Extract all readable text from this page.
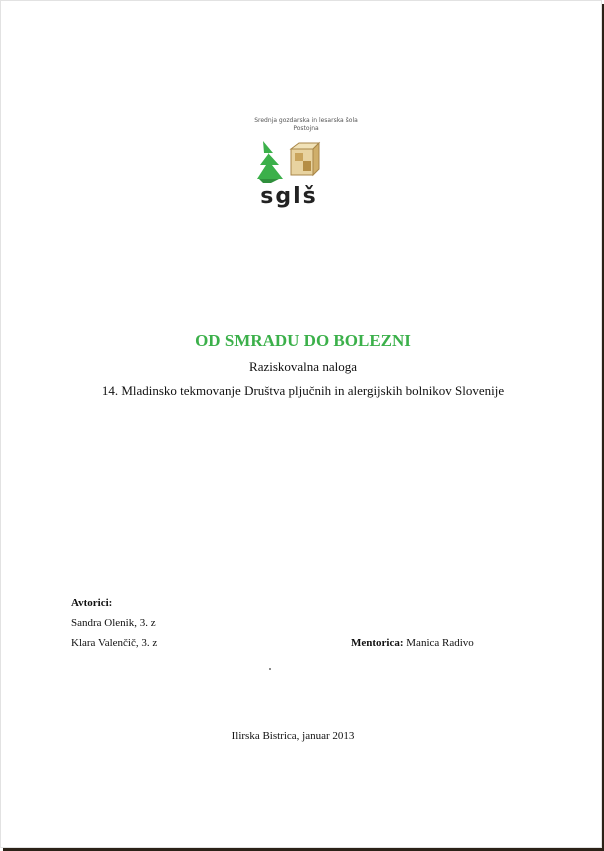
Srednja gozdarska in lesarska šola
Postojna
sglš
OD SMRADU DO BOLEZNI
Raziskovalna naloga
14. Mladinsko tekmovanje Društva pljučnih in alergijskih bolnikov Slovenije
Avtorici:
Sandra Olenik, 3. z
Klara Valenčič, 3. z	Mentorica: Manica Radivo
Ilirska Bistrica, januar 2013
